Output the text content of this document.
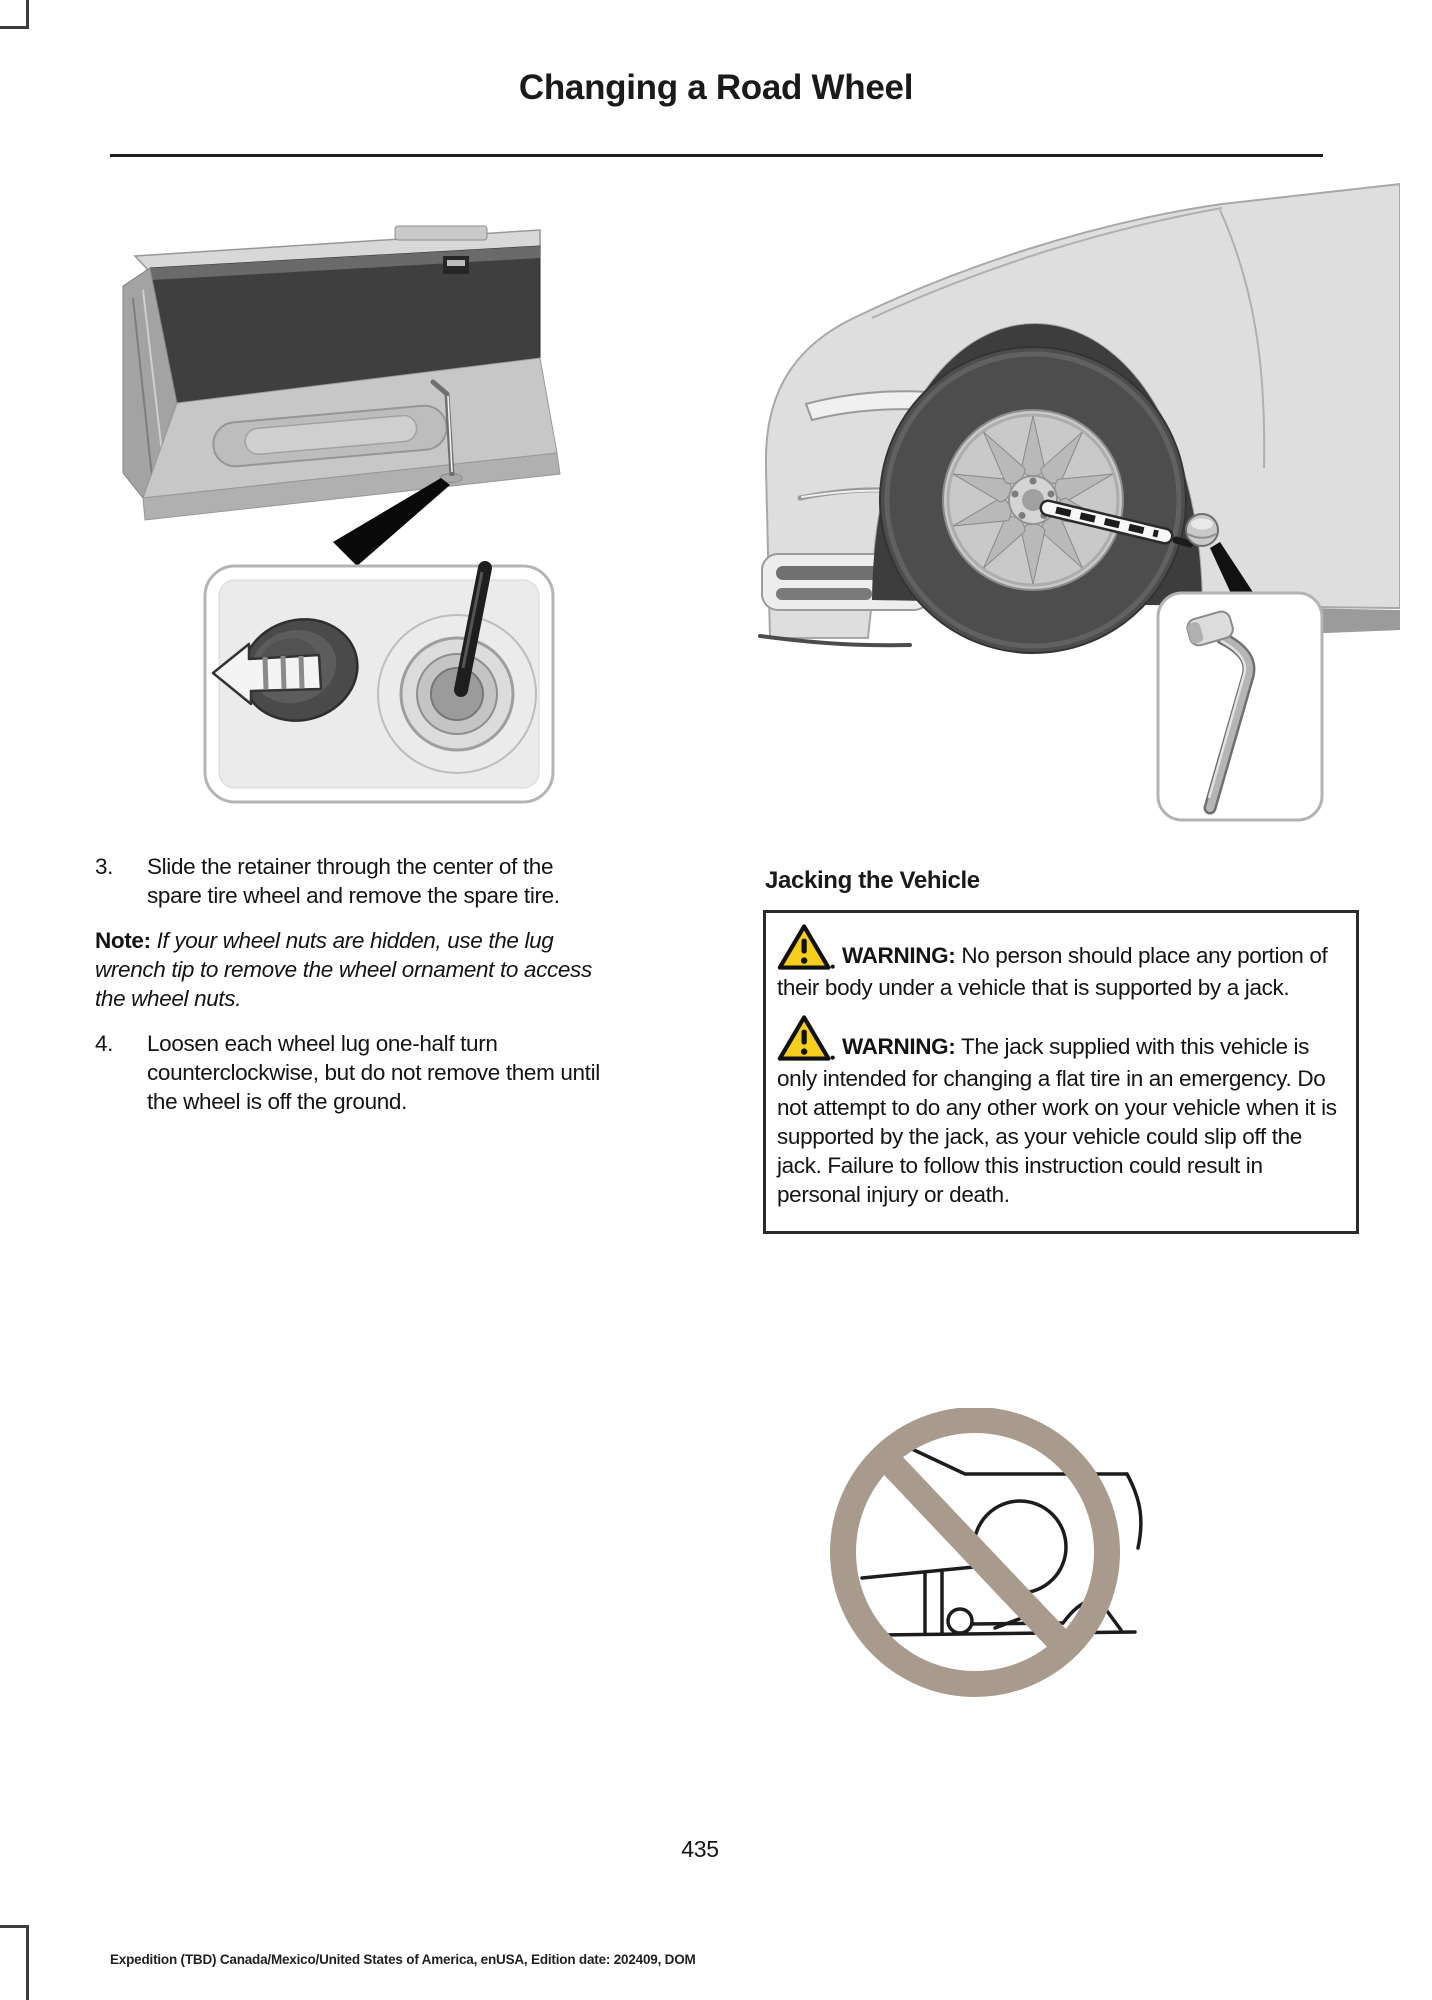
Changing a Road Wheel
3.	Slide the retainer through the center of the spare tire wheel and remove the spare tire.
Note: If your wheel nuts are hidden, use the lug wrench tip to remove the wheel ornament to access the wheel nuts.
4.	Loosen each wheel lug one-half turn counterclockwise, but do not remove them until the wheel is off the ground.
Jacking the Vehicle

WARNING: No person should place any portion of their body under a vehicle that is supported by a jack.

WARNING: The jack supplied with this vehicle is only intended for changing a flat tire in an emergency. Do not attempt to do any other work on your vehicle when it is supported by the jack, as your vehicle could slip off the jack. Failure to follow this instruction could result in personal injury or death.

435
Expedition (TBD) Canada/Mexico/United States of America, enUSA, Edition date: 202409, DOM
